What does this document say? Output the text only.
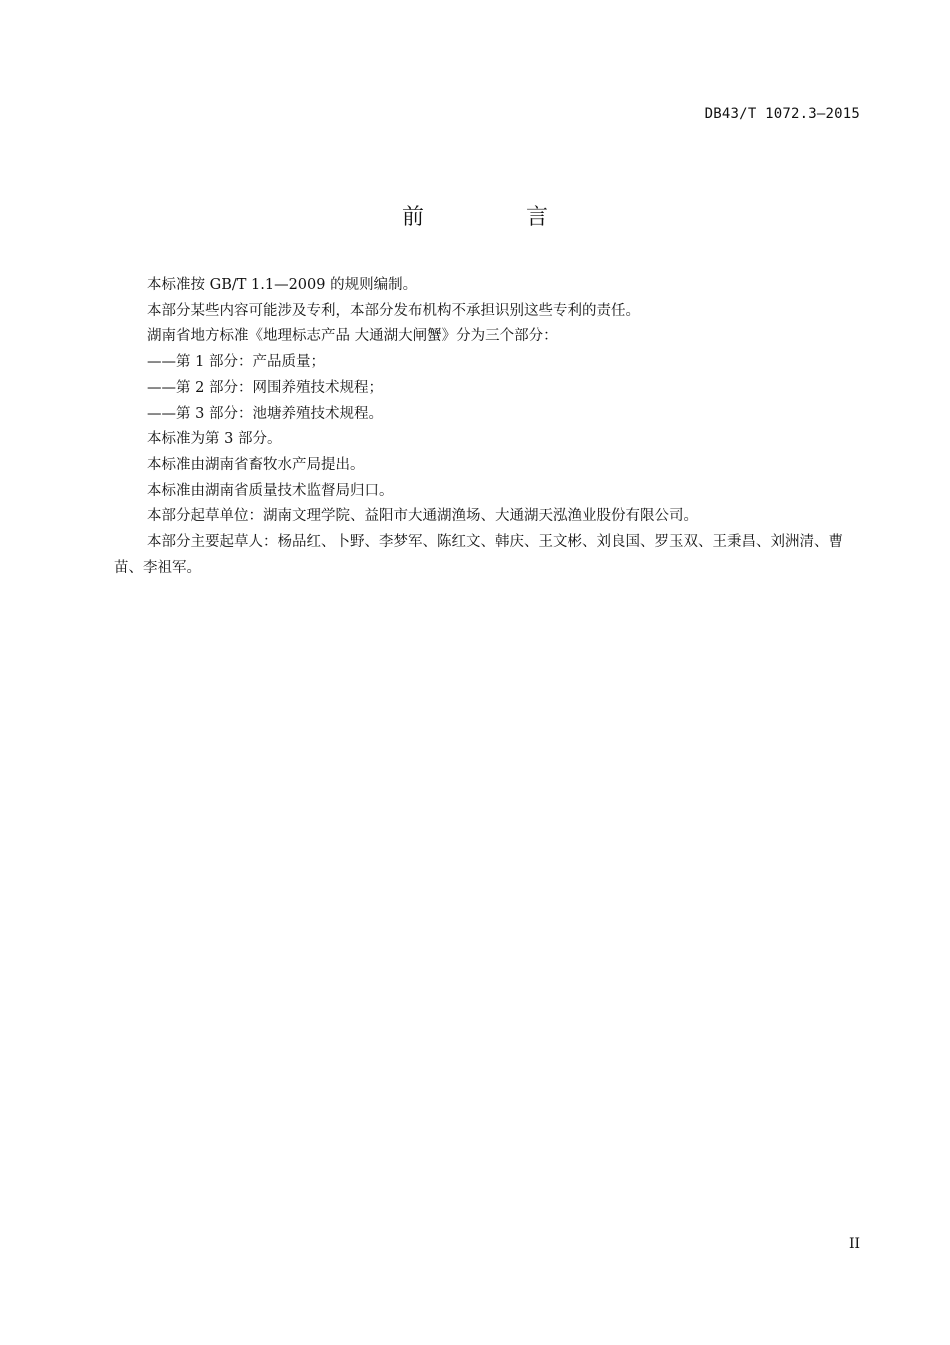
DB43/T 1072.3—2015
前　言

本标准按 GB/T 1.1—2009 的规则编制。

本部分某些内容可能涉及专利，本部分发布机构不承担识别这些专利的责任。

湖南省地方标准《地理标志产品 大通湖大闸蟹》分为三个部分：

——第 1 部分：产品质量；

——第 2 部分：网围养殖技术规程；

——第 3 部分：池塘养殖技术规程。

本标准为第 3 部分。

本标准由湖南省畜牧水产局提出。

本标准由湖南省质量技术监督局归口。

本部分起草单位：湖南文理学院、益阳市大通湖渔场、大通湖天泓渔业股份有限公司。

本部分主要起草人：杨品红、卜野、李梦军、陈红文、韩庆、王文彬、刘良国、罗玉双、王秉昌、刘洲清、曹苗、李祖军。

II
